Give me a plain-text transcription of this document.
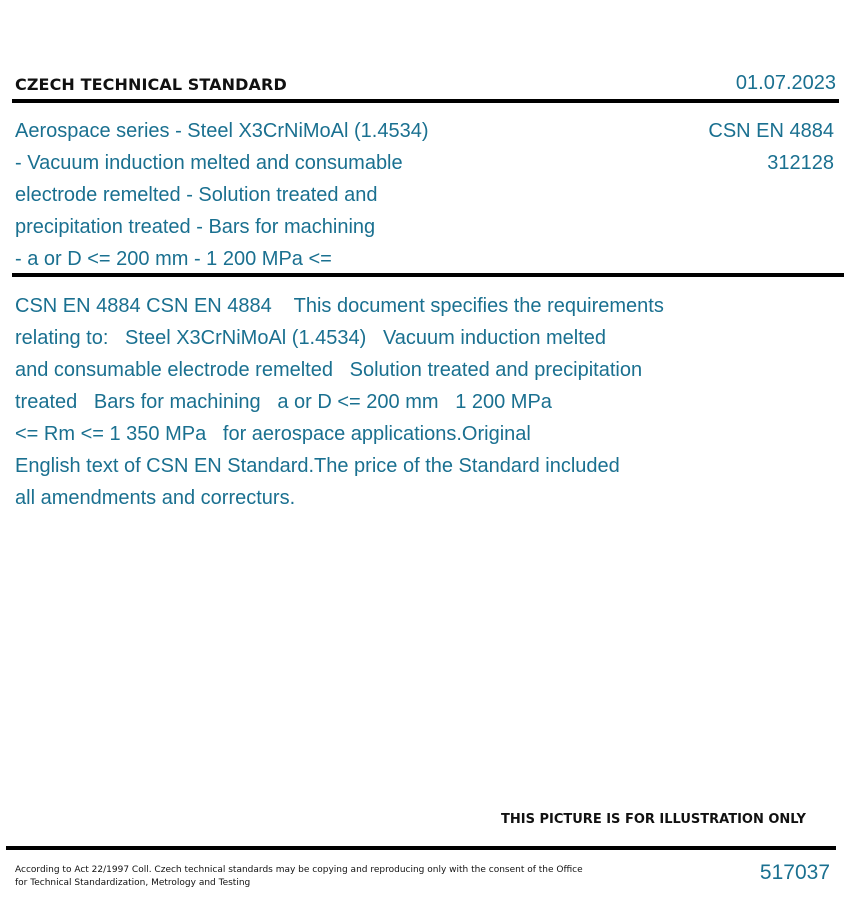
CZECH TECHNICAL STANDARD	01.07.2023
Aerospace series - Steel X3CrNiMoAl (1.4534)
- Vacuum induction melted and consumable
electrode remelted - Solution treated and
precipitation treated - Bars for machining
- a or D <= 200 mm - 1 200 MPa <=
CSN EN 4884
312128
CSN EN 4884 CSN EN 4884    This document specifies the requirements
relating to:   Steel X3CrNiMoAl (1.4534)   Vacuum induction melted
and consumable electrode remelted   Solution treated and precipitation
treated   Bars for machining   a or D <= 200 mm   1 200 MPa
<= Rm <= 1 350 MPa   for aerospace applications.Original
English text of CSN EN Standard.The price of the Standard included
all amendments and correcturs.
THIS PICTURE IS FOR ILLUSTRATION ONLY
According to Act 22/1997 Coll. Czech technical standards may be copying and reproducing only with the consent of the Office
for Technical Standardization, Metrology and Testing	517037
